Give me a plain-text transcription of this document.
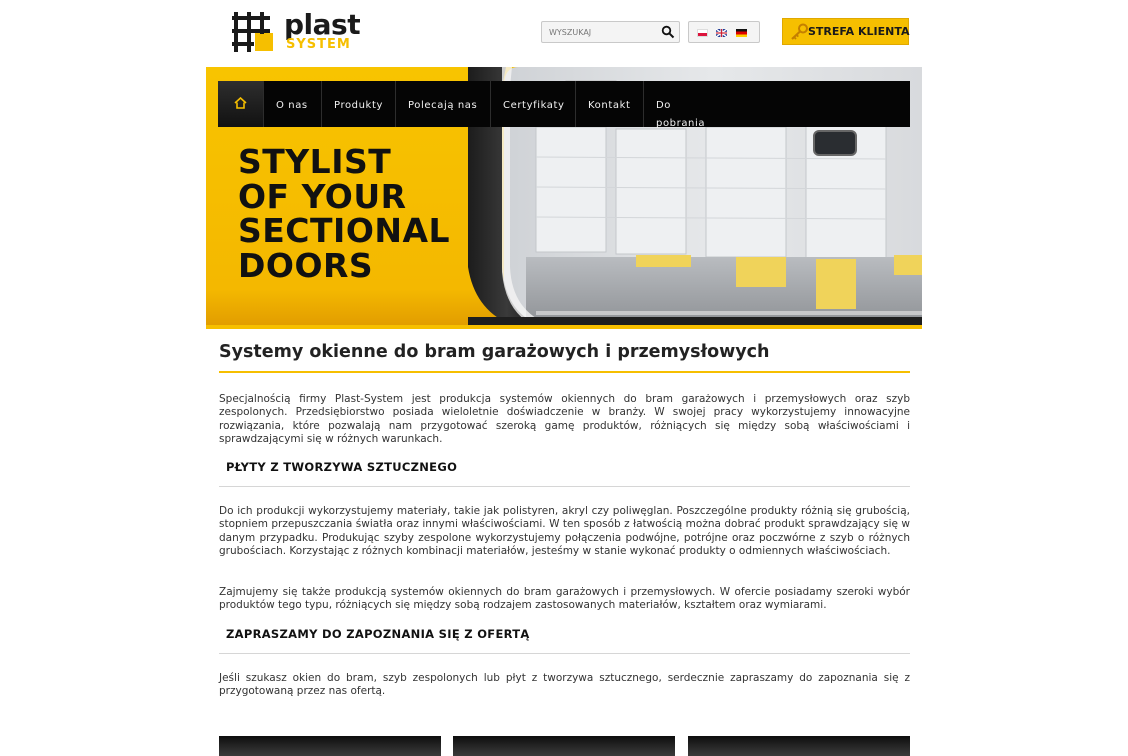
plast
SYSTEM
WYSZUKAJ
STREFA KLIENTA
STYLIST
OF YOUR
SECTIONAL
DOORS
O nas	Produkty	Polecają nas	Certyfikaty	Kontakt	Do pobrania
Systemy okienne do bram garażowych i przemysłowych

Specjalnością firmy Plast-System jest produkcja systemów okiennych do bram garażowych i przemysłowych oraz szyb zespolonych. Przedsiębiorstwo posiada wieloletnie doświadczenie w branży. W swojej pracy wykorzystujemy innowacyjne rozwiązania, które pozwalają nam przygotować szeroką gamę produktów, różniących się między sobą właściwościami i sprawdzającymi się w różnych warunkach.

PŁYTY Z TWORZYWA SZTUCZNEGO

Do ich produkcji wykorzystujemy materiały, takie jak polistyren, akryl czy poliwęglan. Poszczególne produkty różnią się grubością, stopniem przepuszczania światła oraz innymi właściwościami. W ten sposób z łatwością można dobrać produkt sprawdzający się w danym przypadku. Produkując szyby zespolone wykorzystujemy połączenia podwójne, potrójne oraz poczwórne z szyb o różnych grubościach. Korzystając z różnych kombinacji materiałów, jesteśmy w stanie wykonać produkty o odmiennych właściwościach.

Zajmujemy się także produkcją systemów okiennych do bram garażowych i przemysłowych. W ofercie posiadamy szeroki wybór produktów tego typu, różniących się między sobą rodzajem zastosowanych materiałów, kształtem oraz wymiarami.

ZAPRASZAMY DO ZAPOZNANIA SIĘ Z OFERTĄ

Jeśli szukasz okien do bram, szyb zespolonych lub płyt z tworzywa sztucznego, serdecznie zapraszamy do zapoznania się z przygotowaną przez nas ofertą.
